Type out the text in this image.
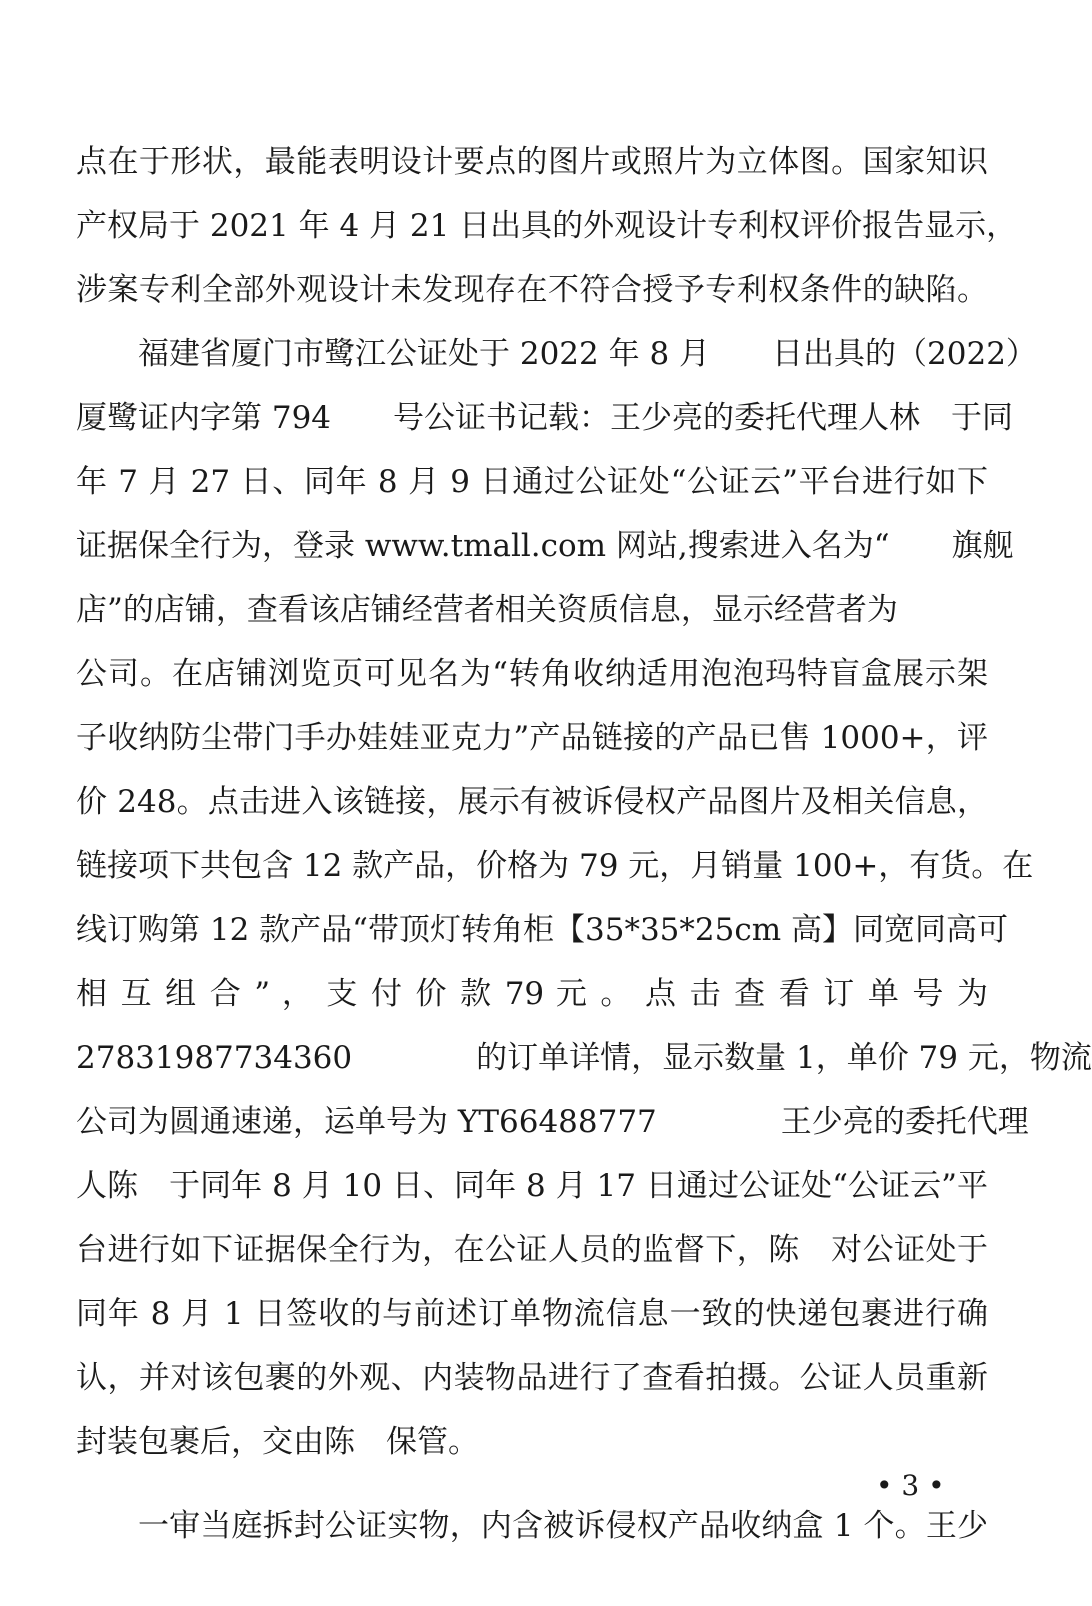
点在于形状，最能表明设计要点的图片或照片为立体图。国家知识
产权局于 2021 年 4 月 21 日出具的外观设计专利权评价报告显示，
涉案专利全部外观设计未发现存在不符合授予专利权条件的缺陷。
福建省厦门市鹭江公证处于 2022 年 8 月　　日出具的（2022）
厦鹭证内字第 794　　号公证书记载：王少亮的委托代理人林　于同
年 7 月 27 日、同年 8 月 9 日通过公证处“公证云”平台进行如下
证据保全行为，登录 www.tmall.com 网站,搜索进入名为“　　旗舰
店”的店铺，查看该店铺经营者相关资质信息，显示经营者为
公司。在店铺浏览页可见名为“转角收纳适用泡泡玛特盲盒展示架
子收纳防尘带门手办娃娃亚克力”产品链接的产品已售 1000+，评
价 248。点击进入该链接，展示有被诉侵权产品图片及相关信息，
链接项下共包含 12 款产品，价格为 79 元，月销量 100+，有货。在
线订购第 12 款产品“带顶灯转角柜【35*35*25cm 高】同宽同高可
相 互 组 合 ” ， 支 付 价 款 79 元 。 点 击 查 看 订 单 号 为
27831987734360　　　　的订单详情，显示数量 1，单价 79 元，物流
公司为圆通速递，运单号为 YT66488777　　　　王少亮的委托代理
人陈　于同年 8 月 10 日、同年 8 月 17 日通过公证处“公证云”平
台进行如下证据保全行为，在公证人员的监督下，陈　对公证处于
同年 8 月 1 日签收的与前述订单物流信息一致的快递包裹进行确
认，并对该包裹的外观、内装物品进行了查看拍摄。公证人员重新
封装包裹后，交由陈　保管。
一审当庭拆封公证实物，内含被诉侵权产品收纳盒 1 个。王少
• 3 •
